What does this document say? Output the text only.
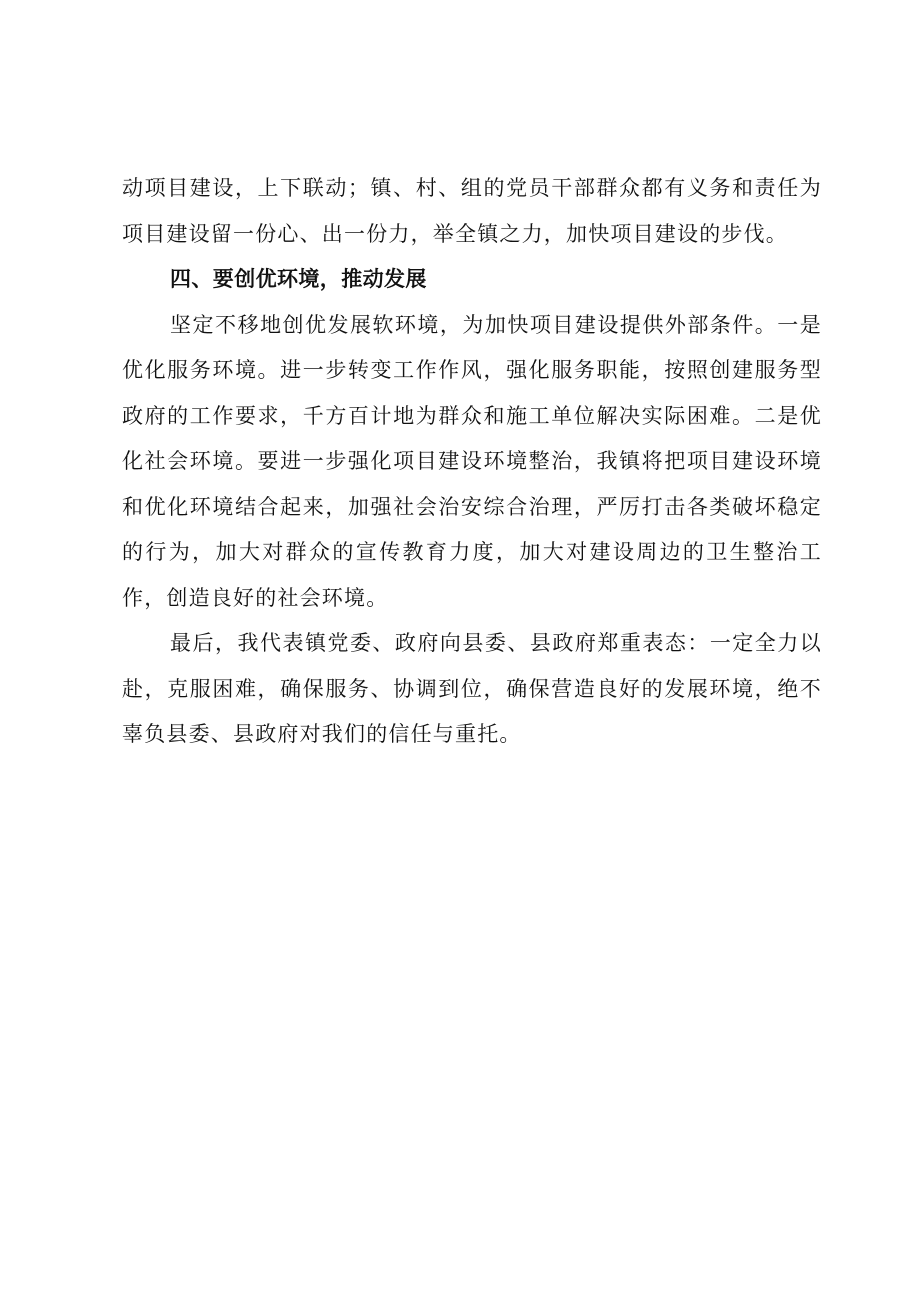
动项目建设，上下联动；镇、村、组的党员干部群众都有义务和责任为项目建设留一份心、出一份力，举全镇之力，加快项目建设的步伐。

四、要创优环境，推动发展

坚定不移地创优发展软环境，为加快项目建设提供外部条件。一是优化服务环境。进一步转变工作作风，强化服务职能，按照创建服务型政府的工作要求，千方百计地为群众和施工单位解决实际困难。二是优化社会环境。要进一步强化项目建设环境整治，我镇将把项目建设环境和优化环境结合起来，加强社会治安综合治理，严厉打击各类破坏稳定的行为，加大对群众的宣传教育力度，加大对建设周边的卫生整治工作，创造良好的社会环境。

最后，我代表镇党委、政府向县委、县政府郑重表态：一定全力以赴，克服困难，确保服务、协调到位，确保营造良好的发展环境，绝不辜负县委、县政府对我们的信任与重托。
